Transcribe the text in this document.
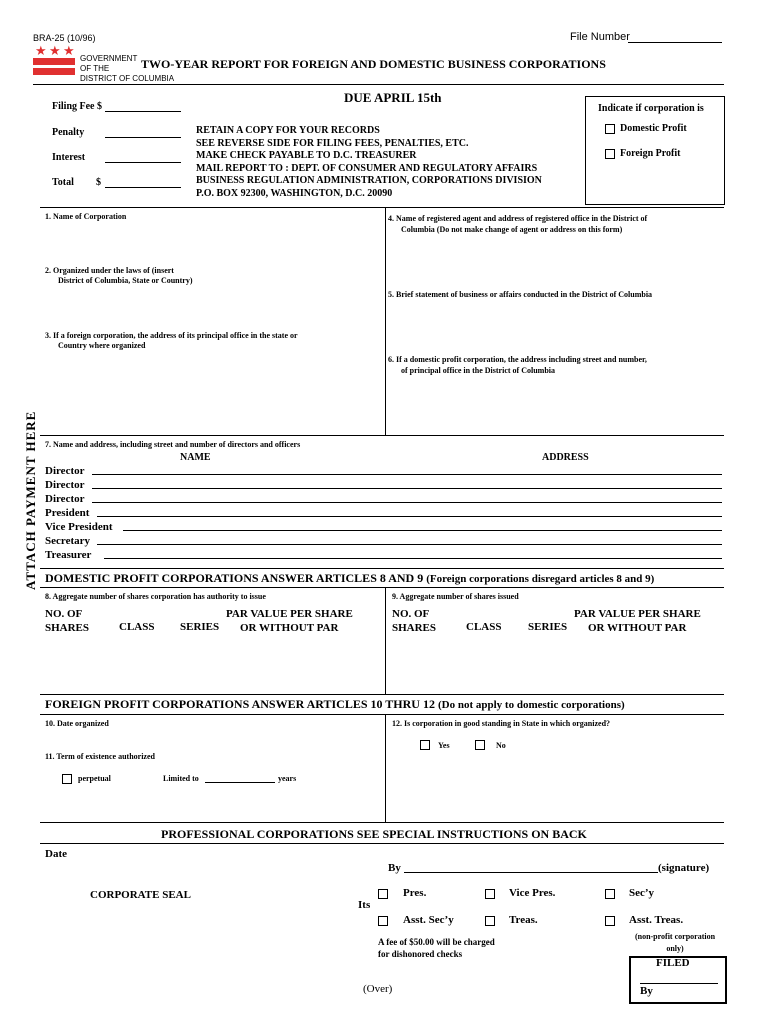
BRA-25 (10/96)	File Number
★ ★ ★
GOVERNMENT
OF THE
DISTRICT OF COLUMBIA
TWO-YEAR REPORT FOR FOREIGN AND DOMESTIC BUSINESS CORPORATIONS
DUE APRIL 15th
Filing Fee $
Penalty
Interest
Total $
RETAIN A COPY FOR YOUR RECORDS
SEE REVERSE SIDE FOR FILING FEES, PENALTIES, ETC.
MAKE CHECK PAYABLE TO D.C. TREASURER
MAIL REPORT TO : DEPT. OF CONSUMER AND REGULATORY AFFAIRS
BUSINESS REGULATION ADMINISTRATION, CORPORATIONS DIVISION
P.O. BOX 92300, WASHINGTON, D.C. 20090
Indicate if corporation is
Domestic Profit
Foreign Profit
ATTACH PAYMENT HERE
1. Name of Corporation
2. Organized under the laws of (insert
District of Columbia, State or Country)
3. If a foreign corporation, the address of its principal office in the state or
Country where organized
4. Name of registered agent and address of registered office in the District of
Columbia (Do not make change of agent or address on this form)
5. Brief statement of business or affairs conducted in the District of Columbia
6. If a domestic profit corporation, the address including street and number,
of principal office in the District of Columbia
7. Name and address, including street and number of directors and officers
NAME	ADDRESS
Director
Director
Director
President
Vice President
Secretary
Treasurer
DOMESTIC PROFIT CORPORATIONS ANSWER ARTICLES 8 AND 9 (Foreign corporations disregard articles 8 and 9)
8. Aggregate number of shares corporation has authority to issue
NO. OF
SHARES	CLASS SERIES
PAR VALUE PER SHARE
OR WITHOUT PAR
9. Aggregate number of shares issued
NO. OF
SHARES	CLASS SERIES
PAR VALUE PER SHARE
OR WITHOUT PAR
FOREIGN PROFIT CORPORATIONS ANSWER ARTICLES 10 THRU 12 (Do not apply to domestic corporations)
10. Date organized
11. Term of existence authorized
perpetual	Limited to	years
12. Is corporation in good standing in State in which organized?
Yes	No
PROFESSIONAL CORPORATIONS SEE SPECIAL INSTRUCTIONS ON BACK
Date
By	(signature)
CORPORATE SEAL
Its
Pres.	Vice Pres.	Sec’y
Asst. Sec’y	Treas.	Asst. Treas.
(non-profit corporation
only)
A fee of $50.00 will be charged
for dishonored checks
FILED
By
(Over)
